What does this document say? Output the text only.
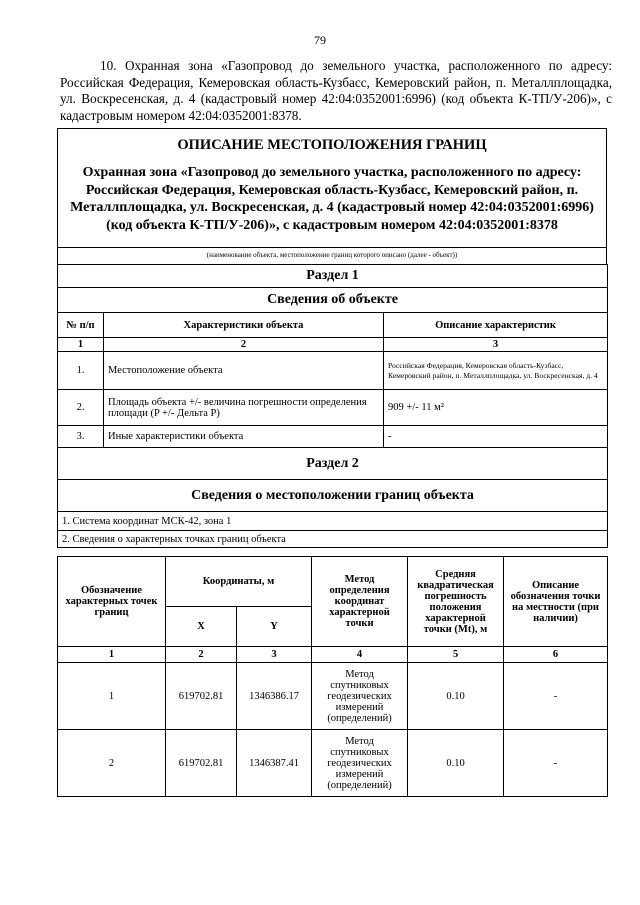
79

10. Охранная зона «Газопровод до земельного участка, расположенного по адресу: Российская Федерация, Кемеровская область-Кузбасс, Кемеровский район, п. Металлплощадка, ул. Воскресенская, д. 4 (кадастровый номер 42:04:0352001:6996) (код объекта К-ТП/У-206)», с кадастровым номером 42:04:0352001:8378.

ОПИСАНИЕ МЕСТОПОЛОЖЕНИЯ ГРАНИЦ
Охранная зона «Газопровод до земельного участка, расположенного по адресу: Российская Федерация, Кемеровская область-Кузбасс, Кемеровский район, п. Металлплощадка, ул. Воскресенская, д. 4 (кадастровый номер 42:04:0352001:6996) (код объекта К-ТП/У-206)», с кадастровым номером 42:04:0352001:8378
(наименование объекта, местоположение границ которого описано (далее - объект))
Раздел 1		
Сведения об объекте		
№ п/п	Характеристики объекта	Описание характеристик
1	2	3
1.	Местоположение объекта	Российская Федерация, Кемеровская область-Кузбасс, Кемеровский район, п. Металлплощадка, ул. Воскресенская, д. 4
2.	Площадь объекта +/- величина погрешности определения площади (P +/- Дельта P)	909 +/- 11 м²
3.	Иные характеристики объекта	-
Раздел 2		
Сведения о местоположении границ объекта		
1. Система координат МСК-42, зона 1		
2. Сведения о характерных точках границ объекта		
Обозначение характерных точек границ	Координаты, м		Метод определения координат характерной точки	Средняя квадратическая погрешность положения характерной точки (Mt), м	Описание обозначения точки на местности (при наличии)
	X	Y			
1	2	3	4	5	6
1	619702.81	1346386.17	Метод спутниковых геодезических измерений (определений)	0.10	-
2	619702.81	1346387.41	Метод спутниковых геодезических измерений (определений)	0.10	-
